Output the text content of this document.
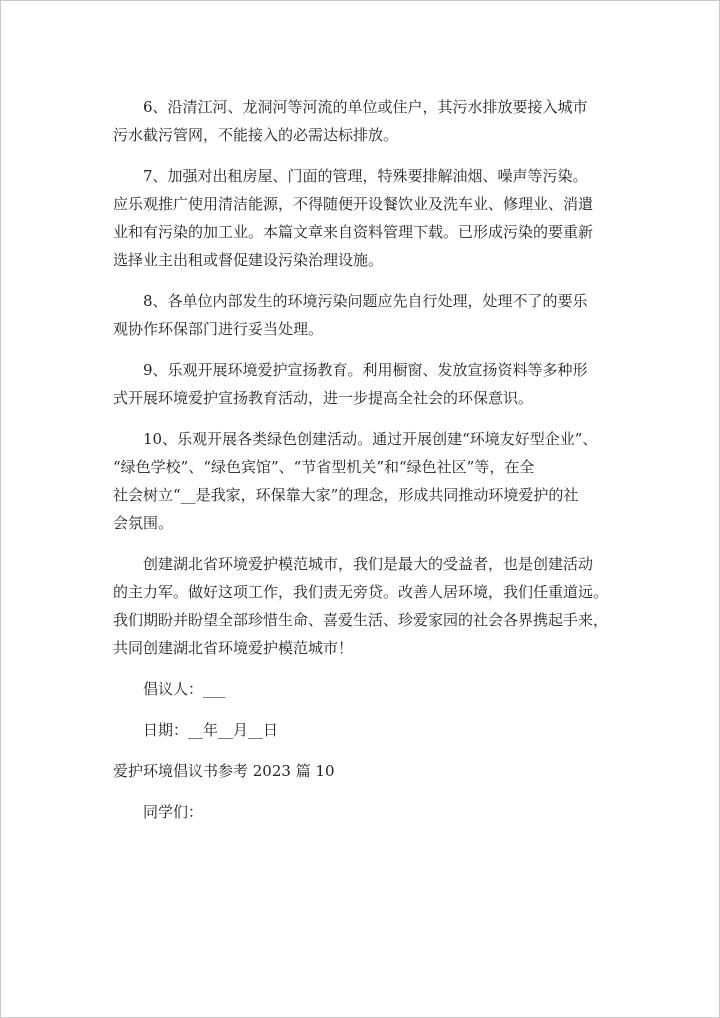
6、沿清江河、龙洞河等河流的单位或住户，其污水排放要接入城市
污水截污管网，不能接入的必需达标排放。
7、加强对出租房屋、门面的管理，特殊要排解油烟、噪声等污染。
应乐观推广使用清洁能源，不得随便开设餐饮业及洗车业、修理业、消遣
业和有污染的加工业。本篇文章来自资料管理下载。已形成污染的要重新
选择业主出租或督促建设污染治理设施。
8、各单位内部发生的环境污染问题应先自行处理，处理不了的要乐
观协作环保部门进行妥当处理。
9、乐观开展环境爱护宣扬教育。利用橱窗、发放宣扬资料等多种形
式开展环境爱护宣扬教育活动，进一步提高全社会的环保意识。
10、乐观开展各类绿色创建活动。通过开展创建“环境友好型企业”、
“绿色学校”、“绿色宾馆”、“节省型机关”和“绿色社区”等，在全
社会树立“__是我家，环保靠大家”的理念，形成共同推动环境爱护的社
会氛围。
创建湖北省环境爱护模范城市，我们是最大的受益者，也是创建活动
的主力军。做好这项工作，我们责无旁贷。改善人居环境，我们任重道远。
我们期盼并盼望全部珍惜生命、喜爱生活、珍爱家园的社会各界携起手来，
共同创建湖北省环境爱护模范城市！
倡议人：___
日期：__年__月__日
爱护环境倡议书参考 2023 篇 10
同学们：
